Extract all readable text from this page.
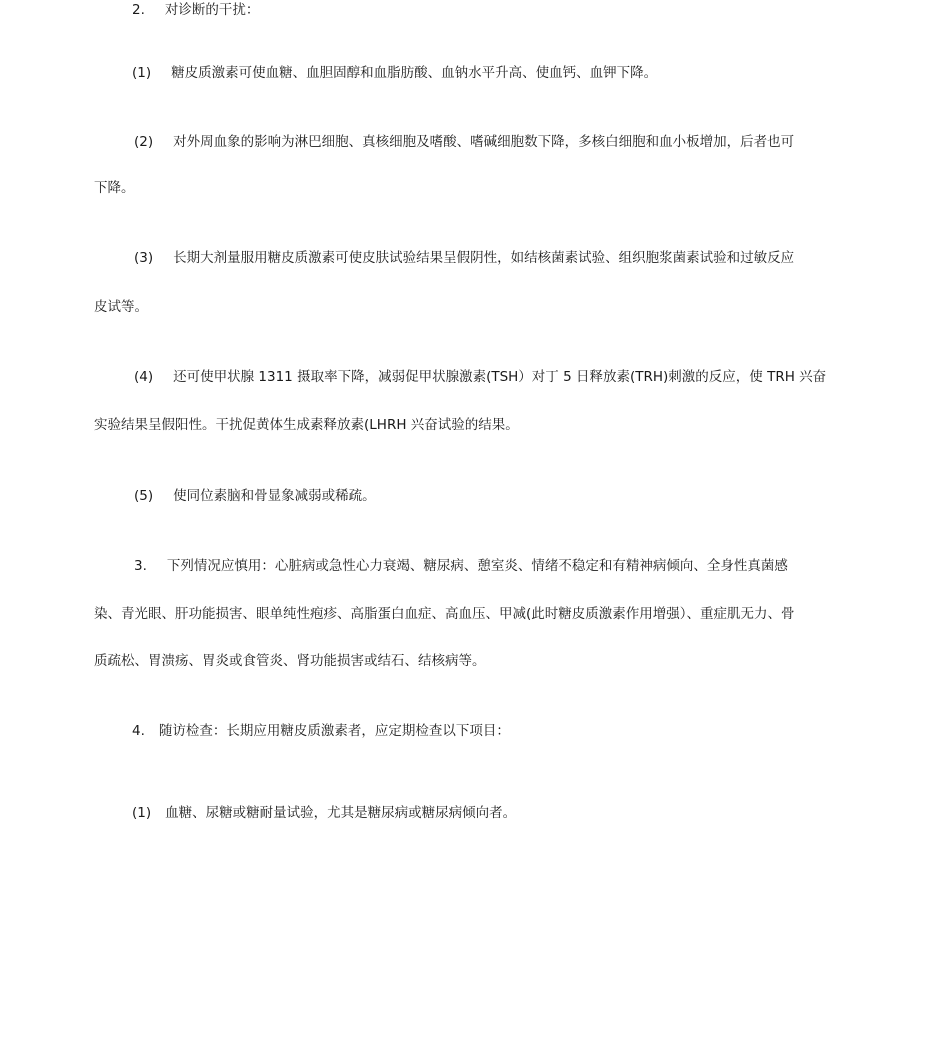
2. 对诊断的干扰：
(1) 糖皮质激素可使血糖、血胆固醇和血脂肪酸、血钠水平升高、使血钙、血钾下降。
(2) 对外周血象的影响为淋巴细胞、真核细胞及嗜酸、嗜碱细胞数下降，多核白细胞和血小板增加，后者也可
下降。
(3) 长期大剂量服用糖皮质激素可使皮肤试验结果呈假阴性，如结核菌素试验、组织胞浆菌素试验和过敏反应
皮试等。
(4) 还可使甲状腺 1311 摄取率下降，减弱促甲状腺激素(TSH）对丁 5 日释放素(TRH)刺激的反应，使 TRH 兴奋
实验结果呈假阳性。干扰促黄体生成素释放素(LHRH 兴奋试验的结果。
(5) 使同位素脑和骨显象减弱或稀疏。
3. 下列情况应慎用：心脏病或急性心力衰竭、糖尿病、憩室炎、情绪不稳定和有精神病倾向、全身性真菌感
染、青光眼、肝功能损害、眼单纯性疱疹、高脂蛋白血症、高血压、甲减(此时糖皮质激素作用增强）、重症肌无力、骨
质疏松、胃溃疡、胃炎或食管炎、肾功能损害或结石、结核病等。
4. 随访检查：长期应用糖皮质激素者，应定期检查以下项目：
(1) 血糖、尿糖或糖耐量试验，尤其是糖尿病或糖尿病倾向者。
